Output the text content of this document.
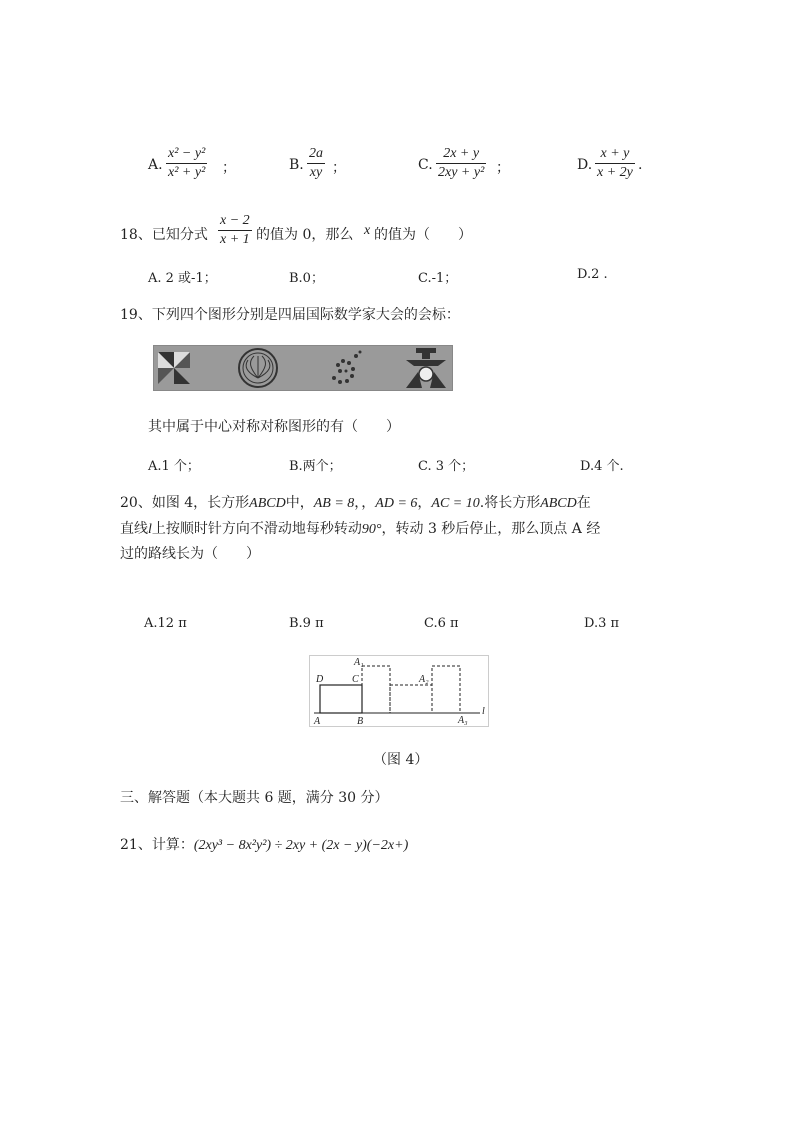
A. $\frac{\text{x² − y²}}{\text{x² + y²}}$ ；	B. $\frac{2a}{xy}$ ；	C. $\frac{2x + y}{\text{2xy + y²}}$ ；	D. $\frac{x + y}{x + 2y}$ .
18、已知分式 $\frac{x - 2}{x + 1}$ 的值为 0，那么 x 的值为（　　）
A. 2 或-1；	B.0；	C.-1；	D.2 .
19、下列四个图形分别是四届国际数学家大会的会标：
其中属于中心对称对称图形的有（　　）
A.1 个；	B.两个；	C. 3 个；	D.4 个.
20、如图 4，长方形ABCD中，AB = 8，，AD = 6，AC = 10.将长方形ABCD在
直线l上按顺时针方向不滑动地每秒转动90°，转动 3 秒后停止，那么顶点 A 经
过的路线长为（　　）
A.12 π	B.9 π	C.6 π	D.3 π
D	C
A	B
A₁
A₂
A₃
l
（图 4）
三、解答题（本大题共 6 题，满分 30 分）
21、计算：(2xy³ − 8x²y²) ÷ 2xy + (2x − y)(−2x+)
